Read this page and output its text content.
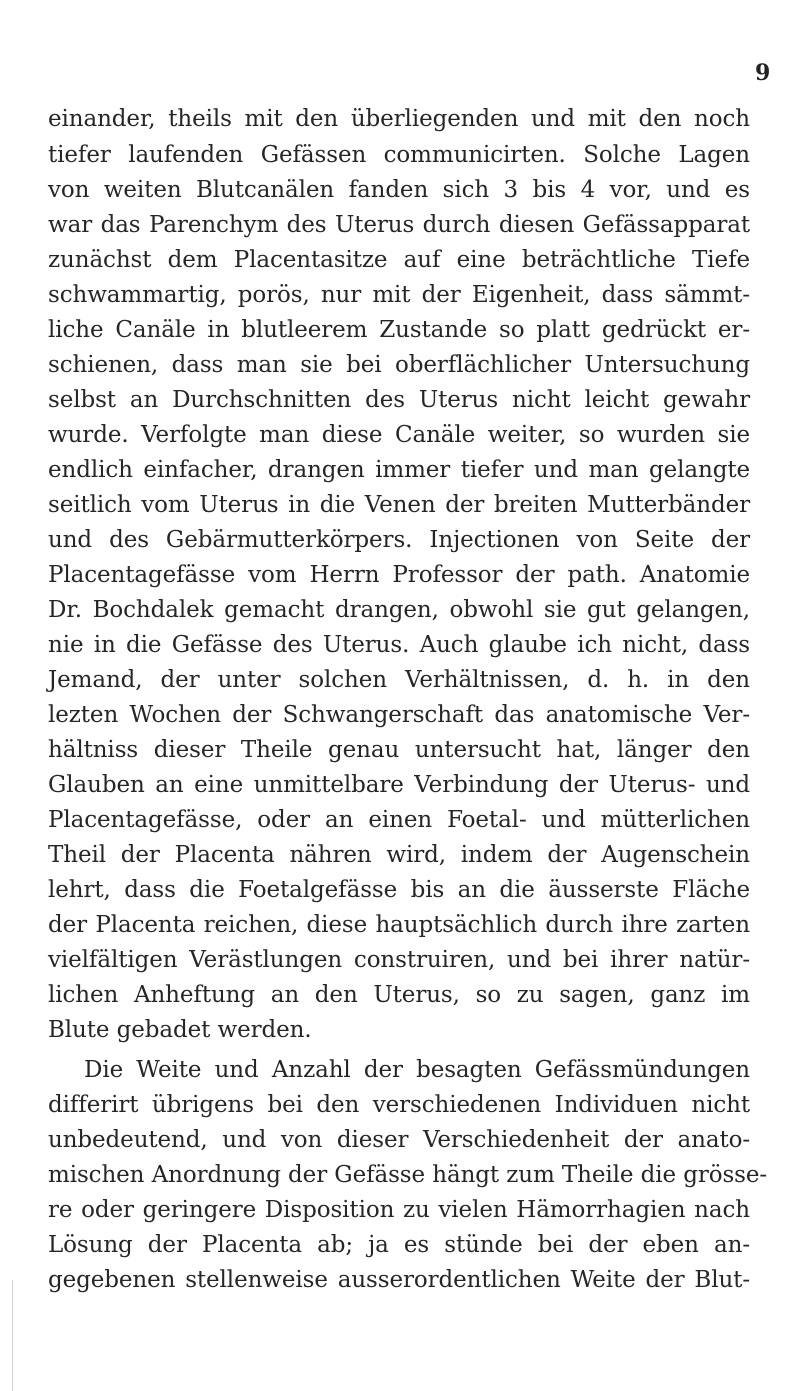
9
einander, theils mit den überliegenden und mit den noch
tiefer laufenden Gefässen communicirten. Solche Lagen
von weiten Blutcanälen fanden sich 3 bis 4 vor, und es
war das Parenchym des Uterus durch diesen Gefässapparat
zunächst dem Placentasitze auf eine beträchtliche Tiefe
schwammartig, porös, nur mit der Eigenheit, dass sämmt-
liche Canäle in blutleerem Zustande so platt gedrückt er-
schienen, dass man sie bei oberflächlicher Untersuchung
selbst an Durchschnitten des Uterus nicht leicht gewahr
wurde. Verfolgte man diese Canäle weiter, so wurden sie
endlich einfacher, drangen immer tiefer und man gelangte
seitlich vom Uterus in die Venen der breiten Mutterbänder
und des Gebärmutterkörpers. Injectionen von Seite der
Placentagefässe vom Herrn Professor der path. Anatomie
Dr. Bochdalek gemacht drangen, obwohl sie gut gelangen,
nie in die Gefässe des Uterus. Auch glaube ich nicht, dass
Jemand, der unter solchen Verhältnissen, d. h. in den
lezten Wochen der Schwangerschaft das anatomische Ver-
hältniss dieser Theile genau untersucht hat, länger den
Glauben an eine unmittelbare Verbindung der Uterus- und
Placentagefässe, oder an einen Foetal- und mütterlichen
Theil der Placenta nähren wird, indem der Augenschein
lehrt, dass die Foetalgefässe bis an die äusserste Fläche
der Placenta reichen, diese hauptsächlich durch ihre zarten
vielfältigen Verästlungen construiren, und bei ihrer natür-
lichen Anheftung an den Uterus, so zu sagen, ganz im
Blute gebadet werden.
Die Weite und Anzahl der besagten Gefässmündungen
differirt übrigens bei den verschiedenen Individuen nicht
unbedeutend, und von dieser Verschiedenheit der anato-
mischen Anordnung der Gefässe hängt zum Theile die grösse-
re oder geringere Disposition zu vielen Hämorrhagien nach
Lösung der Placenta ab; ja es stünde bei der eben an-
gegebenen stellenweise ausserordentlichen Weite der Blut-
